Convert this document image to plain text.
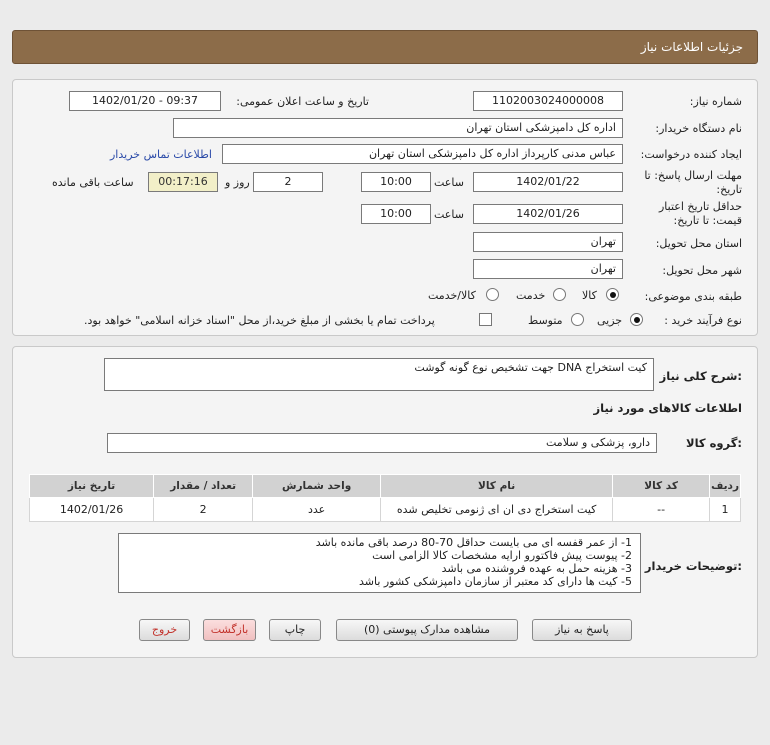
جزئیات اطلاعات نیاز
شماره نیاز:
1102003024000008
تاریخ و ساعت اعلان عمومی:
1402/01/20 - 09:37
نام دستگاه خریدار:
اداره کل دامپزشکی استان تهران
ایجاد کننده درخواست:
عباس مدنی کارپرداز اداره کل دامپزشکی استان تهران
اطلاعات تماس خریدار
مهلت ارسال پاسخ: تا
تاریخ:
1402/01/22
ساعت
10:00
2
روز و
00:17:16
ساعت باقی مانده
حداقل تاریخ اعتبار
قیمت: تا تاریخ:
1402/01/26
ساعت
10:00
استان محل تحویل:
تهران
شهر محل تحویل:
تهران
طبقه بندی موضوعی:
کالا
خدمت
کالا/خدمت
نوع فرآیند خرید :
جزیی
متوسط
پرداخت تمام یا بخشی از مبلغ خرید،از محل "اسناد خزانه اسلامی" خواهد بود.
شرح کلی نیاز:
کیت استخراج DNA جهت تشخیص نوع گونه گوشت
اطلاعات کالاهای مورد نیاز
گروه کالا:
دارو، پزشکی و سلامت
ردیف	کد کالا	نام کالا	واحد شمارش	تعداد / مقدار	تاریخ نیاز
1	--	کیت استخراج دی ان ای ژنومی تخلیص شده	عدد	2	1402/01/26
توضیحات خریدار:
1- از عمر قفسه ای می بایست حداقل 70-80 درصد باقی مانده باشد
2- پیوست پیش فاکتورو ارایه مشخصات کالا الزامی است
3- هزینه حمل به عهده فروشنده می باشد
5- کیت ها دارای کد معتبر از سازمان دامپزشکی کشور باشد
پاسخ به نیاز
مشاهده مدارک پیوستی (0)
چاپ
بازگشت
خروج
